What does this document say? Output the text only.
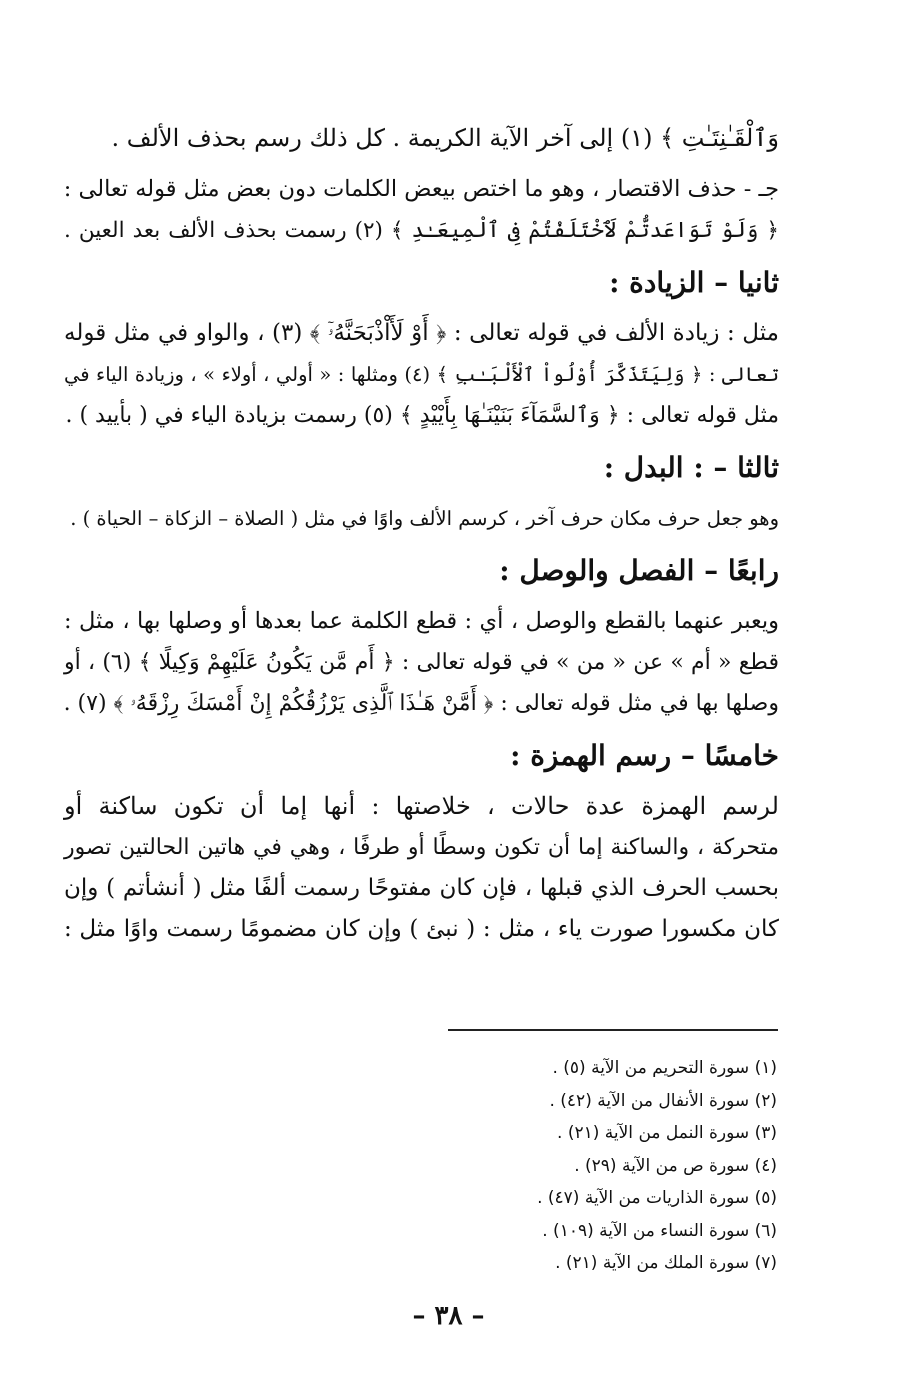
وَٱلْقَـٰنِتَـٰتِ ﴾ (١) إلى آخر الآية الكريمة . كل ذلك رسم بحذف الألف .
جـ - حذف الاقتصار ، وهو ما اختص بيعض الكلمات دون بعض مثل قوله تعالى :
﴿ وَلَوْ تَوَاعَدتُّمْ لَٱخْتَلَفْتُمْ فِى ٱلْمِيعَـٰدِ ﴾ (٢) رسمت بحذف الألف بعد العين .
ثانيا – الزيادة :
مثل : زيادة الألف في قوله تعالى : ﴿ أَوْ لَأَاْذْبَحَنَّهُۥٓ ﴾ (٣) ، والواو في مثل قوله
تعالى : ﴿ وَلِيَتَذَكَّرَ أُوْلُواْ ٱلْأَلْبَـٰبِ ﴾ (٤) ومثلها : « أولي ، أولاء » ، وزيادة الياء في
مثل قوله تعالى : ﴿ وَٱلسَّمَآءَ بَنَيْنَـٰهَا بِأَيْيْدٍ ﴾ (٥) رسمت بزيادة الياء في ( بأييد ) .
ثالثا – : البدل :
وهو جعل حرف مكان حرف آخر ، كرسم الألف واوًا في مثل ( الصلاة – الزكاة – الحياة ) .
رابعًا – الفصل والوصل :
ويعبر عنهما بالقطع والوصل ، أي : قطع الكلمة عما بعدها أو وصلها بها ، مثل :
قطع « أم » عن « من » في قوله تعالى : ﴿ أَم مَّن يَكُونُ عَلَيْهِمْ وَكِيلًا ﴾ (٦) ، أو
وصلها بها في مثل قوله تعالى : ﴿ أَمَّنْ هَـٰذَا ٱلَّذِى يَرْزُقُكُمْ إِنْ أَمْسَكَ رِزْقَهُۥ ﴾ (٧) .
خامسًا – رسم الهمزة :
لرسم الهمزة عدة حالات ، خلاصتها : أنها إما أن تكون ساكنة أو
متحركة ، والساكنة إما أن تكون وسطًا أو طرفًا ، وهي في هاتين الحالتين تصور
بحسب الحرف الذي قبلها ، فإن كان مفتوحًا رسمت ألفًا مثل ( أنشأتم ) وإن
كان مكسورا صورت ياء ، مثل : ( نبئ ) وإن كان مضمومًا رسمت واوًا مثل :
(١) سورة التحريم من الآية (٥) .
(٢) سورة الأنفال من الآية (٤٢) .
(٣) سورة النمل من الآية (٢١) .
(٤) سورة ص من الآية (٢٩) .
(٥) سورة الذاريات من الآية (٤٧) .
(٦) سورة النساء من الآية (١٠٩) .
(٧) سورة الملك من الآية (٢١) .
– ٣٨ –
